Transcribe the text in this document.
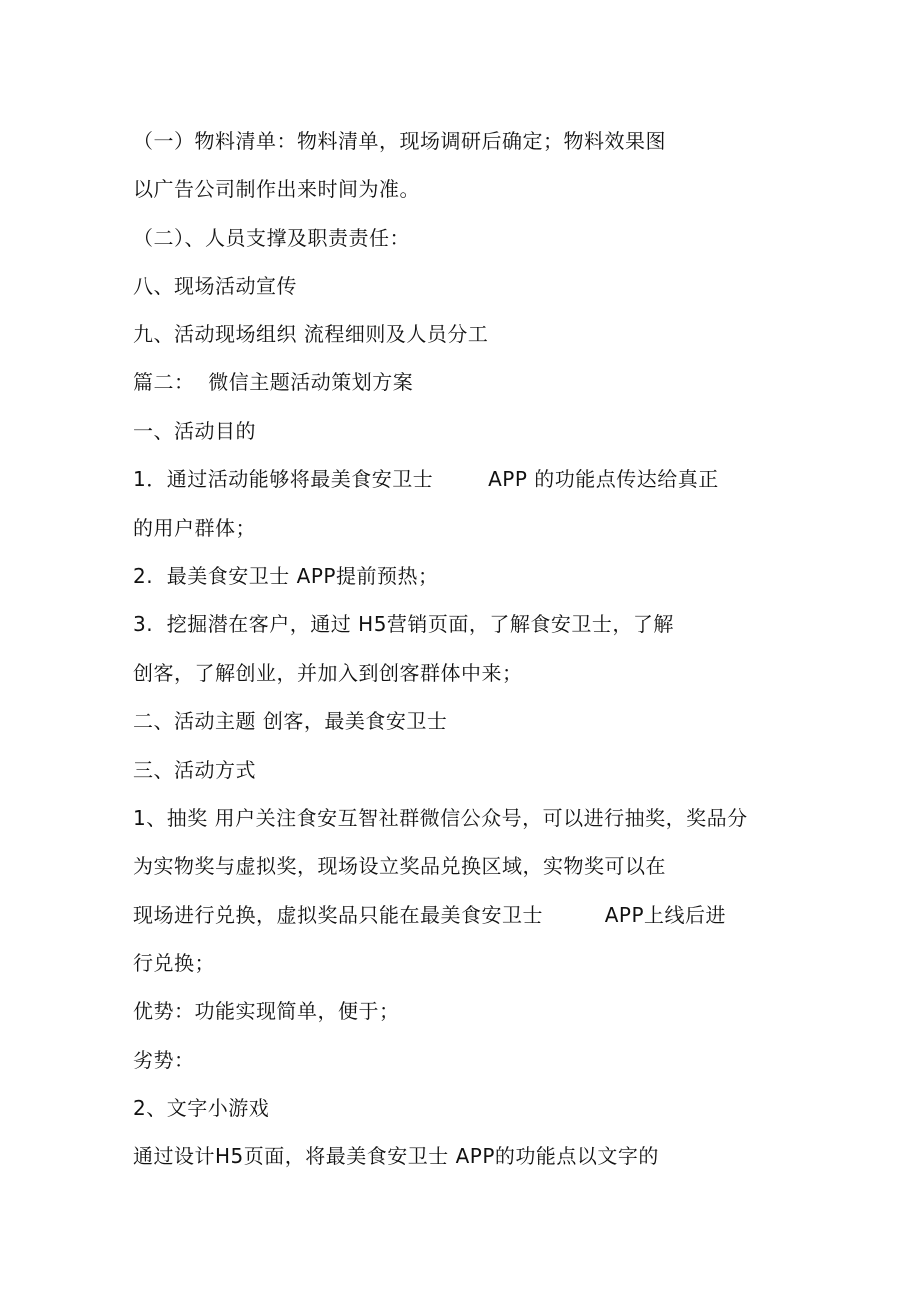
（一）物料清单：物料清单，现场调研后确定；物料效果图
以广告公司制作出来时间为准。
（二）、人员支撑及职责责任：
八、现场活动宣传
九、活动现场组织 流程细则及人员分工
篇二：  微信主题活动策划方案
一、活动目的
1．通过活动能够将最美食安卫士        APP 的功能点传达给真正
的用户群体；
2.  最美食安卫士 APP提前预热；
3.  挖掘潜在客户，通过 H5营销页面，了解食安卫士，了解
创客，了解创业，并加入到创客群体中来；
二、活动主题 创客，最美食安卫士
三、活动方式
1、抽奖 用户关注食安互智社群微信公众号，可以进行抽奖，奖品分
为实物奖与虚拟奖，现场设立奖品兑换区域，实物奖可以在
现场进行兑换，虚拟奖品只能在最美食安卫士         APP上线后进
行兑换；
优势：功能实现简单，便于；
劣势：
2、文字小游戏
通过设计H5页面，将最美食安卫士 APP的功能点以文字的
